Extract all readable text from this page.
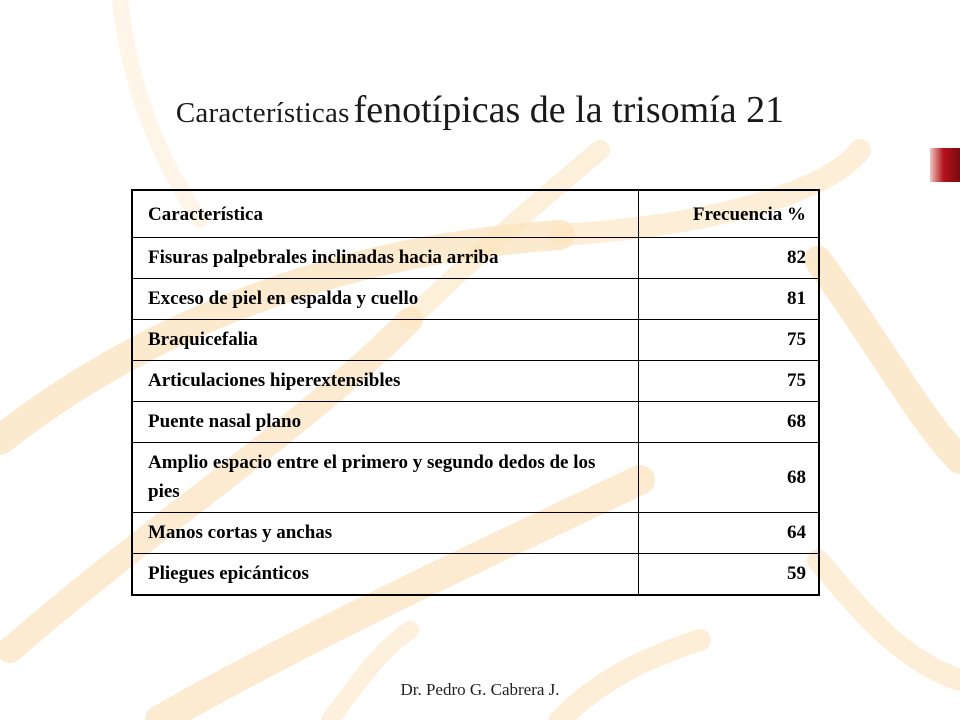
Características fenotípicas de la trisomía 21
Característica	Frecuencia %
Fisuras palpebrales inclinadas hacia arriba	82
Exceso de piel en espalda y cuello	81
Braquicefalia	75
Articulaciones hiperextensibles	75
Puente nasal plano	68
Amplio espacio entre el primero y segundo dedos de los pies	68
Manos cortas y anchas	64
Pliegues epicánticos	59
Dr. Pedro G. Cabrera J.
